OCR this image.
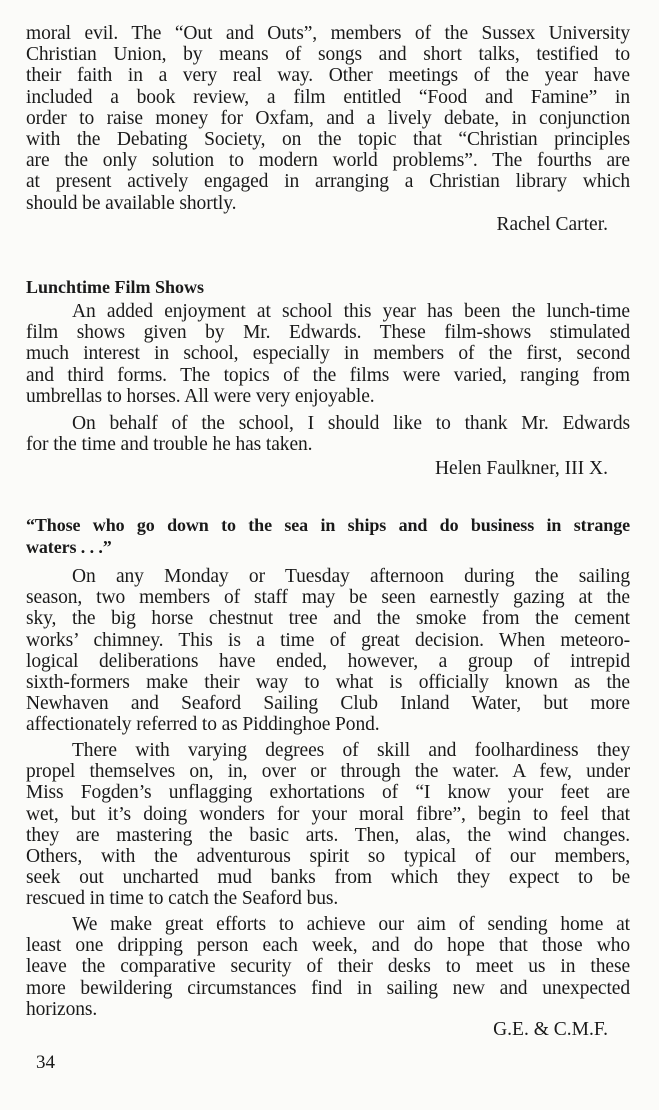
moral evil. The “Out and Outs”, members of the Sussex University
Christian Union, by means of songs and short talks, testified to
their faith in a very real way. Other meetings of the year have
included a book review, a film entitled “Food and Famine” in
order to raise money for Oxfam, and a lively debate, in conjunction
with the Debating Society, on the topic that “Christian principles
are the only solution to modern world problems”. The fourths are
at present actively engaged in arranging a Christian library which
should be available shortly.
Rachel Carter.
Lunchtime Film Shows
An added enjoyment at school this year has been the lunch-time
film shows given by Mr. Edwards. These film-shows stimulated
much interest in school, especially in members of the first, second
and third forms. The topics of the films were varied, ranging from
umbrellas to horses. All were very enjoyable.
On behalf of the school, I should like to thank Mr. Edwards
for the time and trouble he has taken.
Helen Faulkner, III X.
“Those who go down to the sea in ships and do business in strange
waters . . .”
On any Monday or Tuesday afternoon during the sailing
season, two members of staff may be seen earnestly gazing at the
sky, the big horse chestnut tree and the smoke from the cement
works’ chimney. This is a time of great decision. When meteoro-
logical deliberations have ended, however, a group of intrepid
sixth-formers make their way to what is officially known as the
Newhaven and Seaford Sailing Club Inland Water, but more
affectionately referred to as Piddinghoe Pond.
There with varying degrees of skill and foolhardiness they
propel themselves on, in, over or through the water. A few, under
Miss Fogden’s unflagging exhortations of “I know your feet are
wet, but it’s doing wonders for your moral fibre”, begin to feel that
they are mastering the basic arts. Then, alas, the wind changes.
Others, with the adventurous spirit so typical of our members,
seek out uncharted mud banks from which they expect to be
rescued in time to catch the Seaford bus.
We make great efforts to achieve our aim of sending home at
least one dripping person each week, and do hope that those who
leave the comparative security of their desks to meet us in these
more bewildering circumstances find in sailing new and unexpected
horizons.
G.E. & C.M.F.
34
